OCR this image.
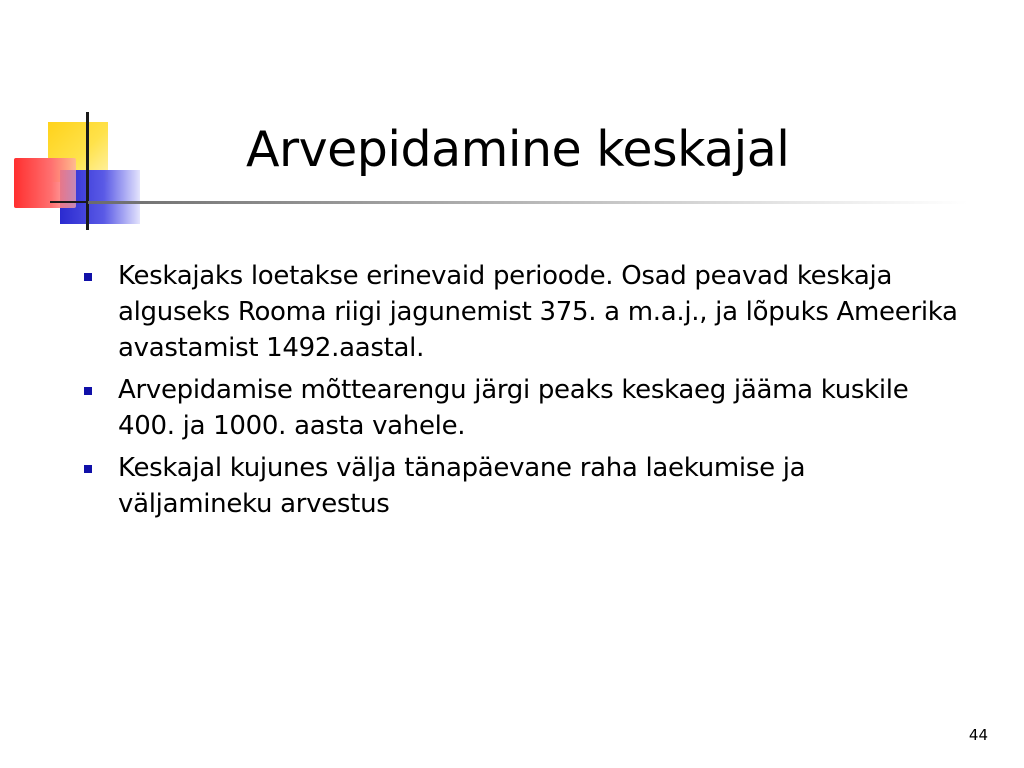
Arvepidamine keskajal
Keskajaks loetakse erinevaid perioode. Osad peavad keskaja alguseks Rooma riigi jagunemist 375. a m.a.j., ja lõpuks Ameerika avastamist 1492.aastal.
Arvepidamise mõttearengu järgi peaks keskaeg jääma kuskile 400. ja 1000. aasta vahele.
Keskajal kujunes välja tänapäevane raha laekumise ja väljamineku arvestus
44
